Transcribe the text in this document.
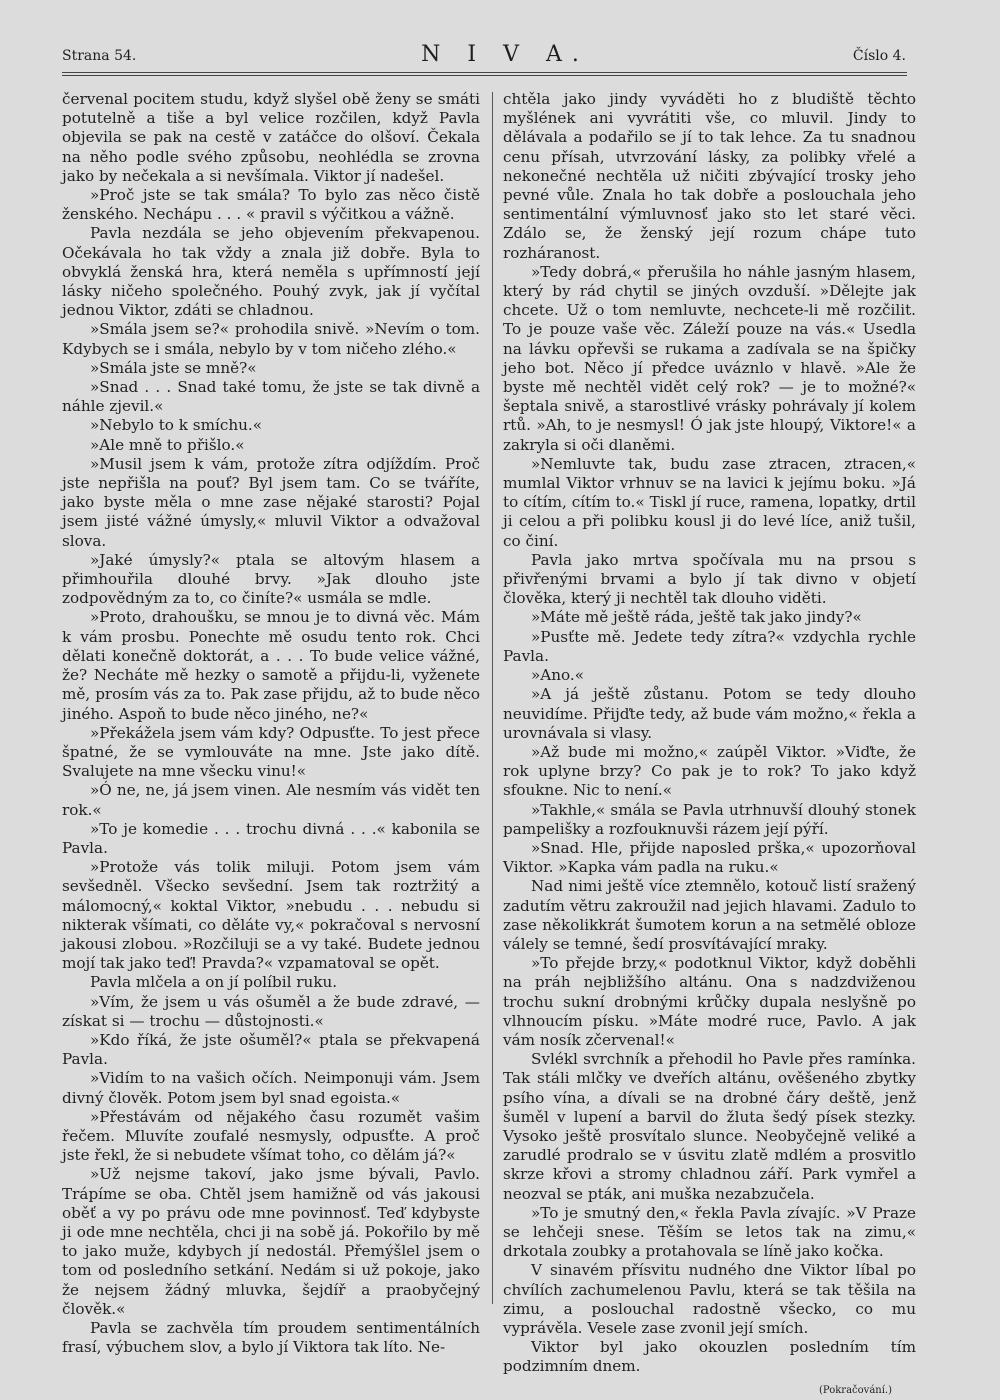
Strana 54.	N I V A.	Číslo 4.

červenal pocitem studu, když slyšel obě ženy se smáti potutelně a tiše a byl velice rozčilen, když Pavla objevila se pak na cestě v zatáčce do olšoví. Čekala na něho podle svého způsobu, neohlédla se zrovna jako by nečekala a si nevšímala. Viktor jí nadešel.

»Proč jste se tak smála? To bylo zas něco čistě ženského. Nechápu . . . « pravil s výčitkou a vážně.

Pavla nezdála se jeho objevením překvapenou. Očekávala ho tak vždy a znala již dobře. Byla to obvyklá ženská hra, která neměla s upřímností její lásky ničeho společného. Pouhý zvyk, jak jí vyčítal jednou Viktor, zdáti se chladnou.

»Smála jsem se?« prohodila snivě. »Nevím o tom. Kdybych se i smála, nebylo by v tom ničeho zlého.«

»Smála jste se mně?«

»Snad . . . Snad také tomu, že jste se tak divně a náhle zjevil.«

»Nebylo to k smíchu.«

»Ale mně to přišlo.«

»Musil jsem k vám, protože zítra odjíždím. Proč jste nepřišla na pouť? Byl jsem tam. Co se tváříte, jako byste měla o mne zase nějaké starosti? Pojal jsem jisté vážné úmysly,« mluvil Viktor a odvažoval slova.

»Jaké úmysly?« ptala se altovým hlasem a přimhouřila dlouhé brvy. »Jak dlouho jste zodpovědným za to, co činíte?« usmála se mdle.

»Proto, drahoušku, se mnou je to divná věc. Mám k vám prosbu. Ponechte mě osudu tento rok. Chci dělati konečně doktorát, a . . . To bude velice vážné, že? Necháte mě hezky o samotě a přijdu-li, vyženete mě, prosím vás za to. Pak zase přijdu, až to bude něco jiného. Aspoň to bude něco jiného, ne?«

»Překážela jsem vám kdy? Odpusťte. To jest přece špatné, že se vymlouváte na mne. Jste jako dítě. Svalujete na mne všecku vinu!«

»Ó ne, ne, já jsem vinen. Ale nesmím vás vidět ten rok.«

»To je komedie . . . trochu divná . . .« kabonila se Pavla.

»Protože vás tolik miluji. Potom jsem vám sevšedněl. Všecko sevšední. Jsem tak roztržitý a málomocný,« koktal Viktor, »nebudu . . . nebudu si nikterak všímati, co děláte vy,« pokračoval s nervosní jakousi zlobou. »Rozčiluji se a vy také. Budete jednou mojí tak jako teď! Pravda?« vzpamatoval se opět.

Pavla mlčela a on jí políbil ruku.

»Vím, že jsem u vás ošuměl a že bude zdravé, — získat si — trochu — důstojnosti.«

»Kdo říká, že jste ošuměl?« ptala se překvapená Pavla.

»Vidím to na vašich očích. Neimponuji vám. Jsem divný člověk. Potom jsem byl snad egoista.«

»Přestávám od nějakého času rozumět vašim řečem. Mluvíte zoufalé nesmysly, odpusťte. A proč jste řekl, že si nebudete všímat toho, co dělám já?«

»Už nejsme takoví, jako jsme bývali, Pavlo. Trápíme se oba. Chtěl jsem hamižně od vás jakousi oběť a vy po právu ode mne povinnosť. Teď kdybyste ji ode mne nechtěla, chci ji na sobě já. Pokořilo by mě to jako muže, kdybych jí nedostál. Přemýšlel jsem o tom od posledního setkání. Nedám si už pokoje, jako že nejsem žádný mluvka, šejdíř a praobyčejný člověk.«

Pavla se zachvěla tím proudem sentimentálních frasí, výbuchem slov, a bylo jí Viktora tak líto. Ne-

chtěla jako jindy vyváděti ho z bludiště těchto myšlének ani vyvrátiti vše, co mluvil. Jindy to dělávala a podařilo se jí to tak lehce. Za tu snadnou cenu přísah, utvrzování lásky, za polibky vřelé a nekonečné nechtěla už ničiti zbývající trosky jeho pevné vůle. Znala ho tak dobře a poslouchala jeho sentimentální výmluvnosť jako sto let staré věci. Zdálo se, že ženský její rozum chápe tuto rozháranost.

»Tedy dobrá,« přerušila ho náhle jasným hlasem, který by rád chytil se jiných ovzduší. »Dělejte jak chcete. Už o tom nemluvte, nechcete-li mě rozčilit. To je pouze vaše věc. Záleží pouze na vás.« Usedla na lávku opřevši se rukama a zadívala se na špičky jeho bot. Něco jí předce uváznlo v hlavě. »Ale že byste mě nechtěl vidět celý rok? — je to možné?« šeptala snivě, a starostlivé vrásky pohrávaly jí kolem rtů. »Ah, to je nesmysl! Ó jak jste hloupý, Viktore!« a zakryla si oči dlaněmi.

»Nemluvte tak, budu zase ztracen, ztracen,« mumlal Viktor vrhnuv se na lavici k jejímu boku. »Já to cítím, cítím to.« Tiskl jí ruce, ramena, lopatky, drtil ji celou a při polibku kousl ji do levé líce, aniž tušil, co činí.

Pavla jako mrtva spočívala mu na prsou s přivřenými brvami a bylo jí tak divno v objetí člověka, který ji nechtěl tak dlouho viděti.

»Máte mě ještě ráda, ještě tak jako jindy?«

»Pusťte mě. Jedete tedy zítra?« vzdychla rychle Pavla.

»Ano.«

»A já ještě zůstanu. Potom se tedy dlouho neuvidíme. Přijďte tedy, až bude vám možno,« řekla a urovnávala si vlasy.

»Až bude mi možno,« zaúpěl Viktor. »Viďte, že rok uplyne brzy? Co pak je to rok? To jako když sfoukne. Nic to není.«

»Takhle,« smála se Pavla utrhnuvší dlouhý stonek pampelišky a rozfouknuvši rázem její pýří.

»Snad. Hle, přijde naposled prška,« upozorňoval Viktor. »Kapka vám padla na ruku.«

Nad nimi ještě více ztemnělo, kotouč listí sražený zadutím větru zakroužil nad jejich hlavami. Zadulo to zase několikkrát šumotem korun a na setmělé obloze válely se temné, šedí prosvítávající mraky.

»To přejde brzy,« podotknul Viktor, když doběhli na práh nejbližšího altánu. Ona s nadzdviženou trochu sukní drobnými krůčky dupala neslyšně po vlhnoucím písku. »Máte modré ruce, Pavlo. A jak vám nosík zčervenal!«

Svlékl svrchník a přehodil ho Pavle přes ramínka. Tak stáli mlčky ve dveřích altánu, ověšeného zbytky psího vína, a dívali se na drobné čáry deště, jenž šuměl v lupení a barvil do žluta šedý písek stezky. Vysoko ještě prosvítalo slunce. Neobyčejně veliké a zarudlé prodralo se v úsvitu zlatě mdlém a prosvitlo skrze křovi a stromy chladnou září. Park vymřel a neozval se pták, ani muška nezabzučela.

»To je smutný den,« řekla Pavla zívajíc. »V Praze se lehčeji snese. Těším se letos tak na zimu,« drkotala zoubky a protahovala se líně jako kočka.

V sinavém přísvitu nudného dne Viktor líbal po chvílích zachumelenou Pavlu, která se tak těšila na zimu, a poslouchal radostně všecko, co mu vyprávěla. Vesele zase zvonil její smích.

Viktor byl jako okouzlen posledním tím podzimním dnem.

(Pokračování.)
